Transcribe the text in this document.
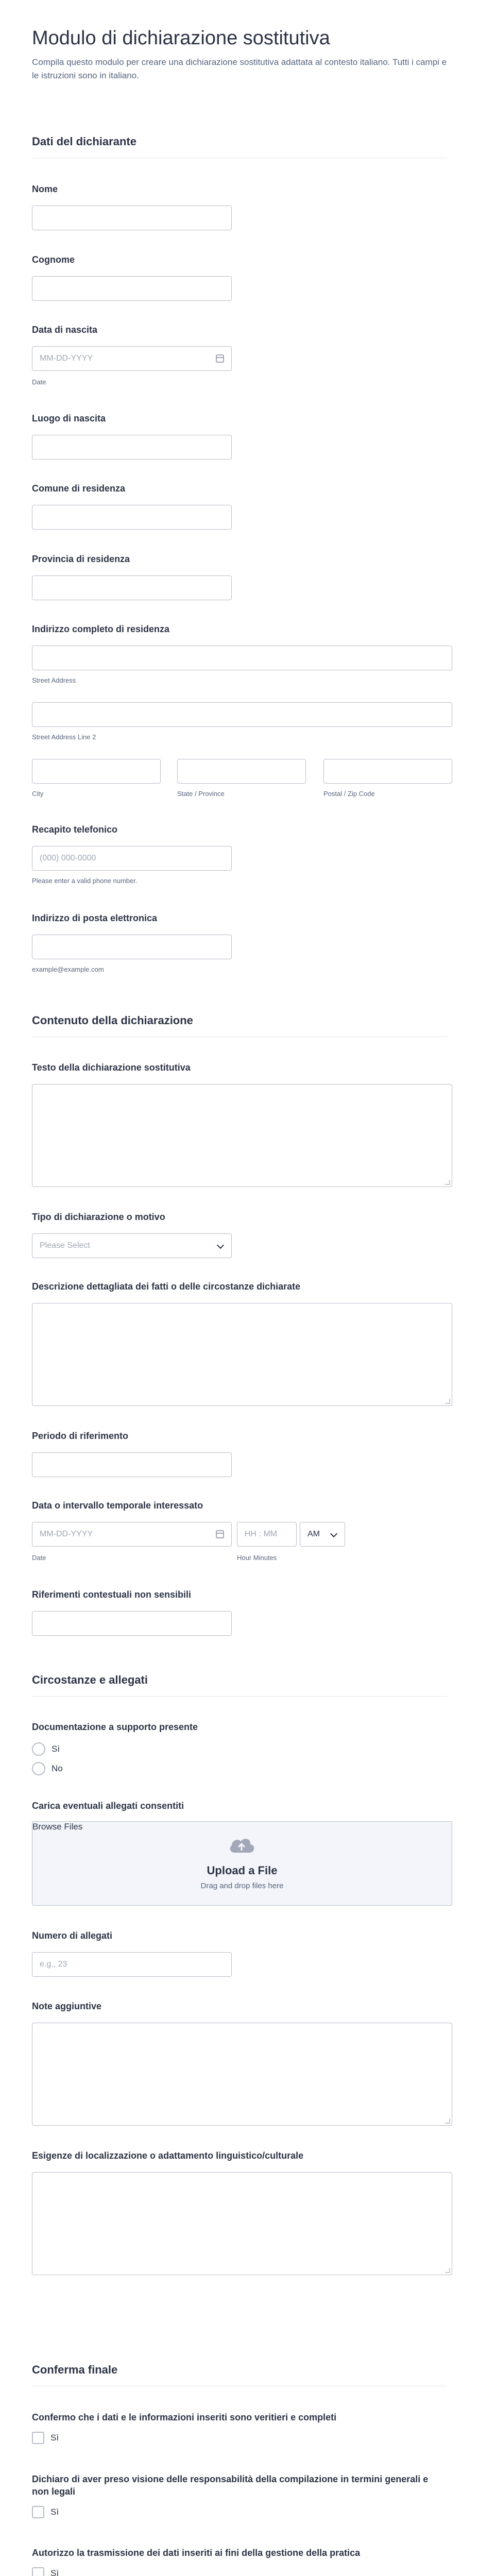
Modulo di dichiarazione sostitutiva
Compila questo modulo per creare una dichiarazione sostitutiva adattata al contesto italiano. Tutti i campi e le istruzioni sono in italiano.
Dati del dichiarante
Nome
Cognome
Data di nascita
MM-DD-YYYY
Date
Luogo di nascita
Comune di residenza
Provincia di residenza
Indirizzo completo di residenza
Street Address
Street Address Line 2
City	State / Province	Postal / Zip Code
Recapito telefonico
(000) 000-0000
Please enter a valid phone number.
Indirizzo di posta elettronica
example@example.com
Contenuto della dichiarazione
Testo della dichiarazione sostitutiva
Tipo di dichiarazione o motivo
Please Select
Descrizione dettagliata dei fatti o delle circostanze dichiarate
Periodo di riferimento
Data o intervallo temporale interessato
MM-DD-YYYY	HH : MM	AM
Date	Hour Minutes
Riferimenti contestuali non sensibili
Circostanze e allegati
Documentazione a supporto presente
Sì
No
Carica eventuali allegati consentiti
Browse Files
Upload a File
Drag and drop files here
Numero di allegati
e.g., 23
Note aggiuntive
Esigenze di localizzazione o adattamento linguistico/culturale
Conferma finale
Confermo che i dati e le informazioni inseriti sono veritieri e completi
Sì
Dichiaro di aver preso visione delle responsabilità della compilazione in termini generali e non legali
Sì
Autorizzo la trasmissione dei dati inseriti ai fini della gestione della pratica
Sì
